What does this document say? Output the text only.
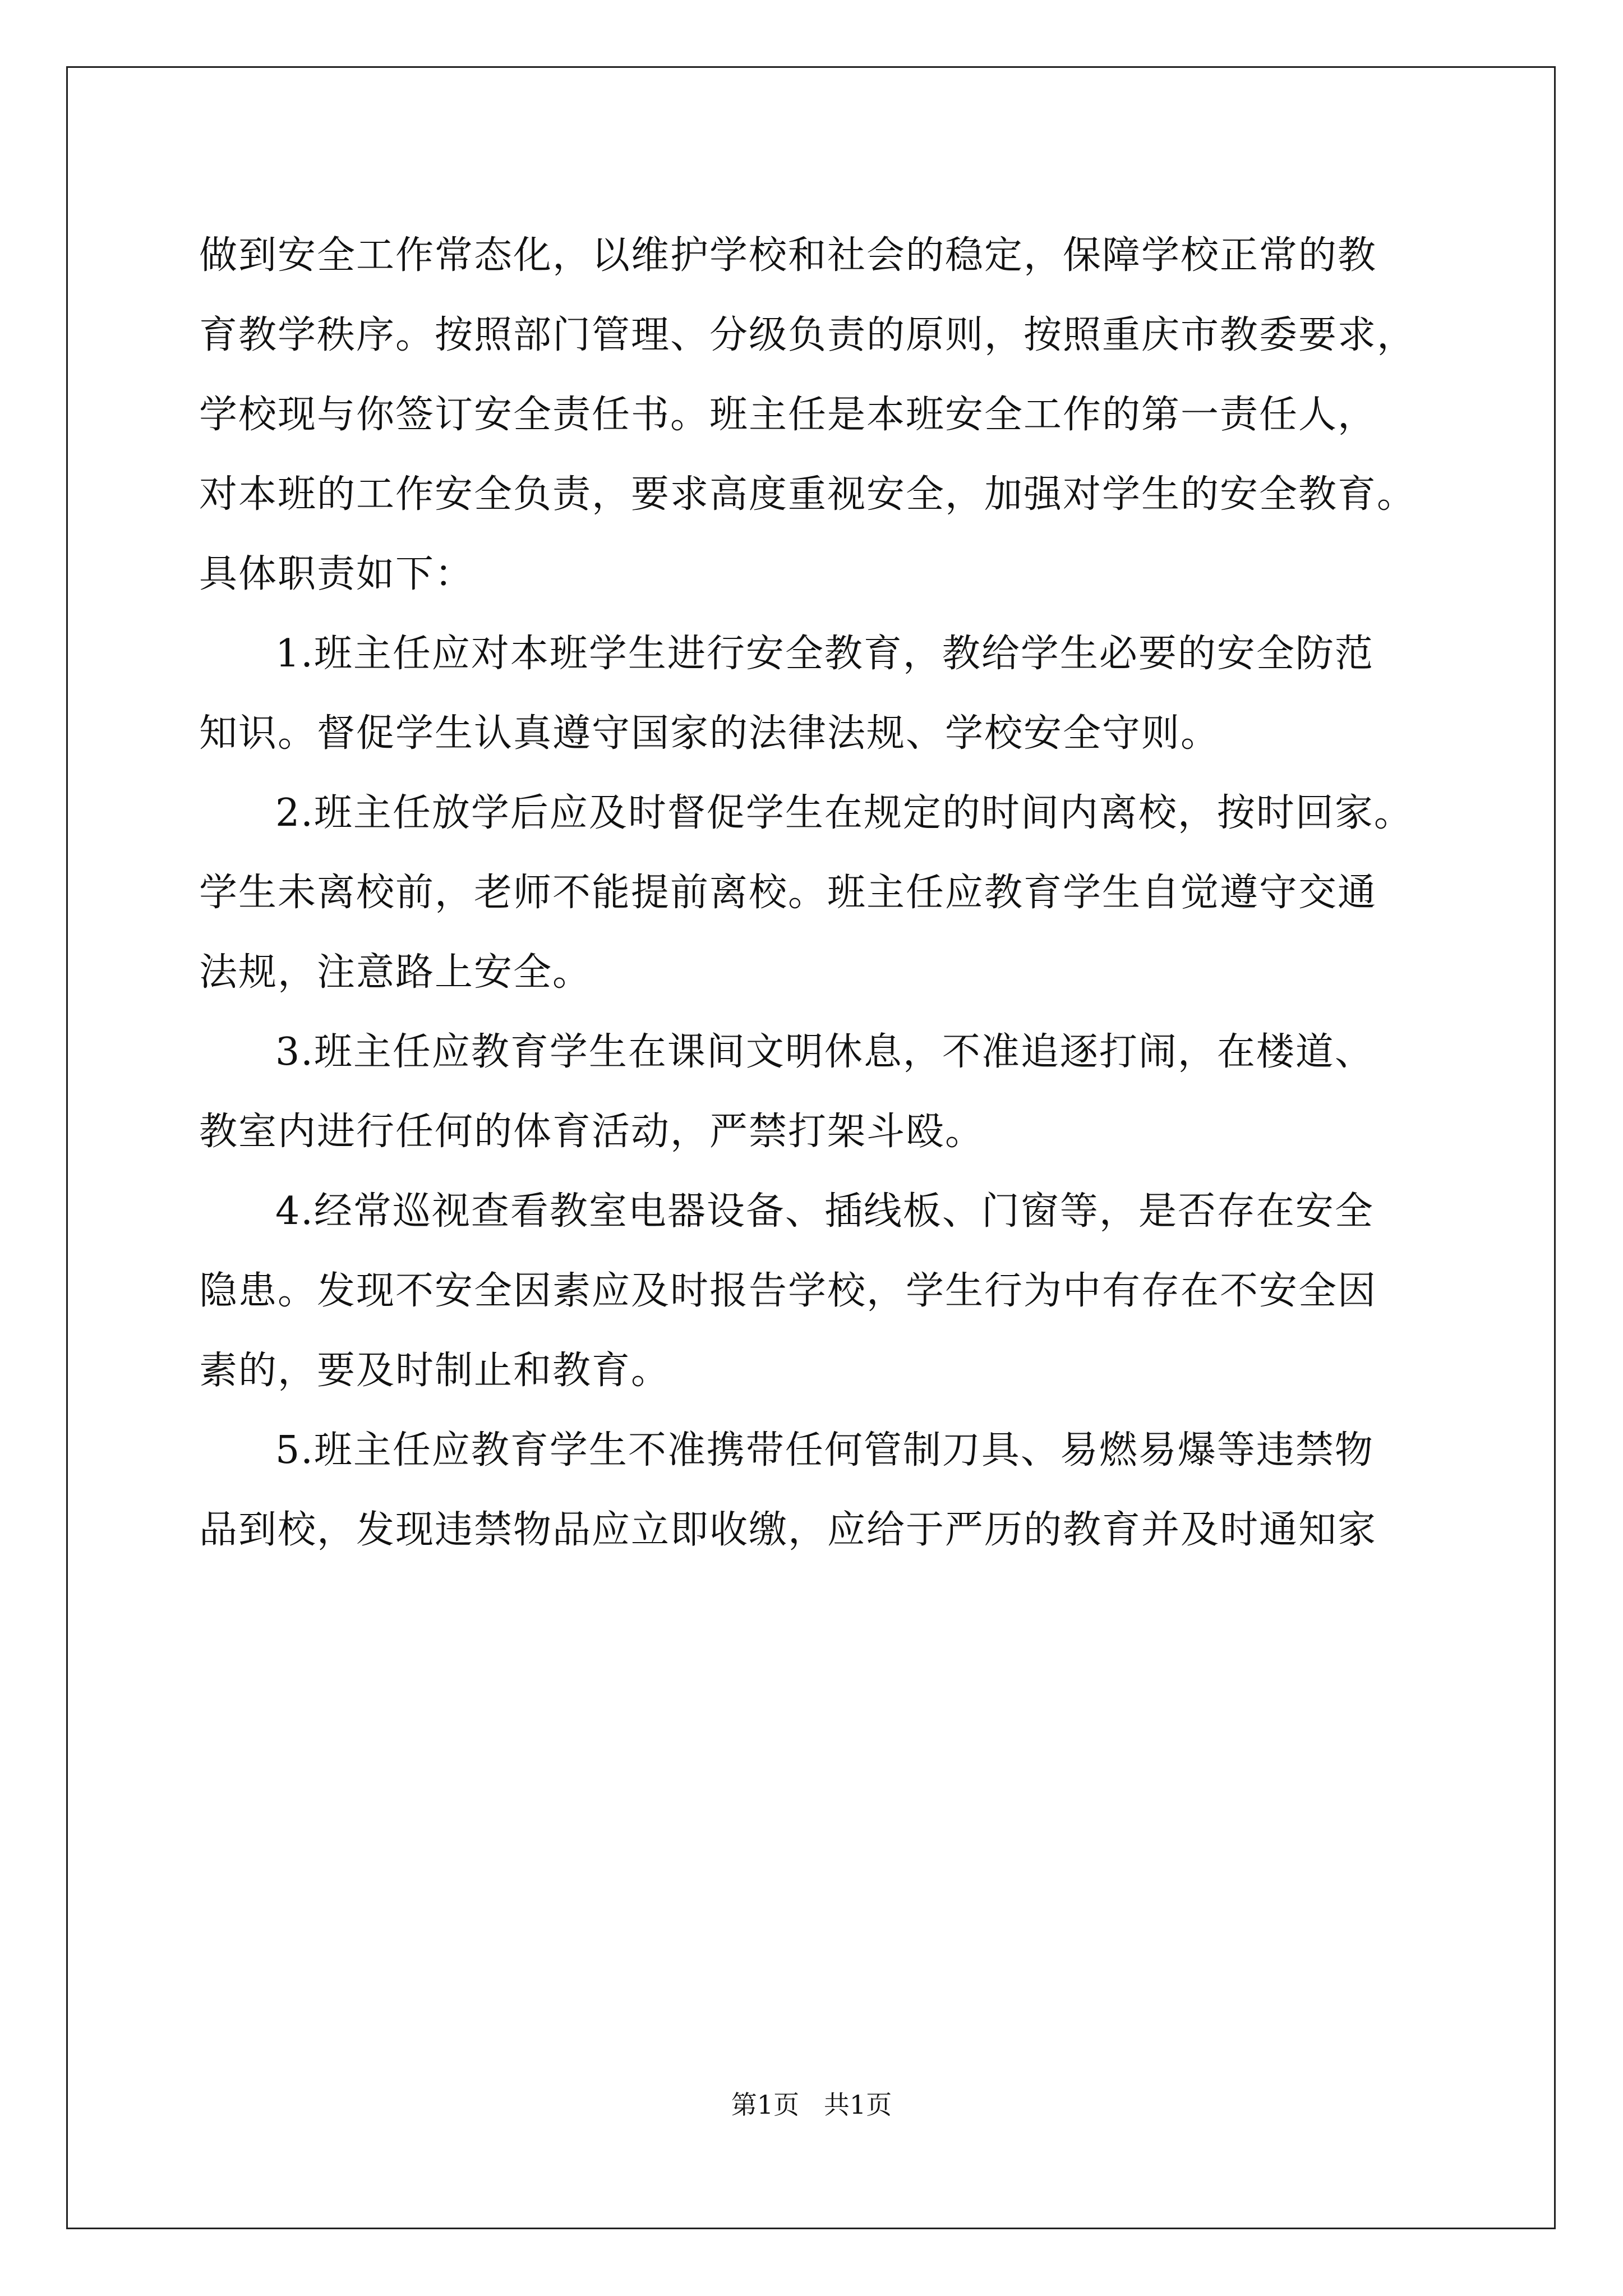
做到安全工作常态化，以维护学校和社会的稳定，保障学校正常的教
育教学秩序。按照部门管理、分级负责的原则，按照重庆市教委要求，
学校现与你签订安全责任书。班主任是本班安全工作的第一责任人，
对本班的工作安全负责，要求高度重视安全，加强对学生的安全教育。
具体职责如下：
1.班主任应对本班学生进行安全教育，教给学生必要的安全防范
知识。督促学生认真遵守国家的法律法规、学校安全守则。
2.班主任放学后应及时督促学生在规定的时间内离校，按时回家。
学生未离校前，老师不能提前离校。班主任应教育学生自觉遵守交通
法规，注意路上安全。
3.班主任应教育学生在课间文明休息，不准追逐打闹，在楼道、
教室内进行任何的体育活动，严禁打架斗殴。
4.经常巡视查看教室电器设备、插线板、门窗等，是否存在安全
隐患。发现不安全因素应及时报告学校，学生行为中有存在不安全因
素的，要及时制止和教育。
5.班主任应教育学生不准携带任何管制刀具、易燃易爆等违禁物
品到校，发现违禁物品应立即收缴，应给于严历的教育并及时通知家
第1页   共1页
